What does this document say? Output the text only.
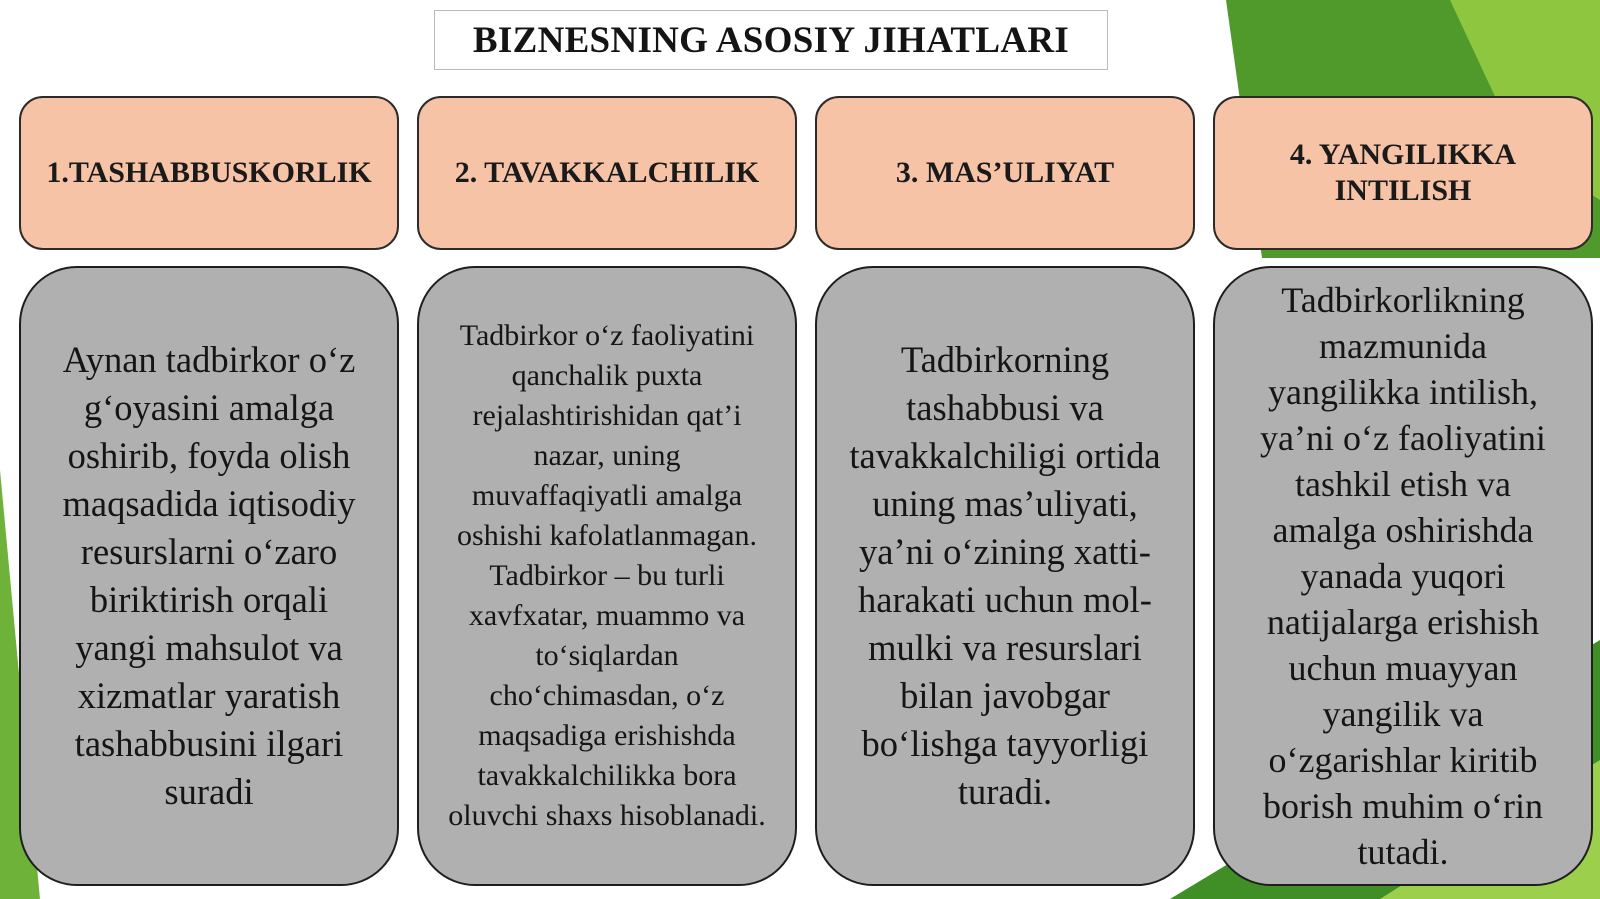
BIZNESNING ASOSIY JIHATLARI
1.TASHABBUSKORLIK	2. TAVAKKALCHILIK	3. MAS’ULIYAT
4. YANGILIKKA INTILISH
Aynan tadbirkor o‘z g‘oyasini amalga oshirib, foyda olish maqsadida iqtisodiy resurslarni o‘zaro biriktirish orqali yangi mahsulot va xizmatlar yaratish tashabbusini ilgari suradi
Tadbirkor o‘z faoliyatini qanchalik puxta rejalashtirishidan qat’i nazar, uning muvaffaqiyatli amalga oshishi kafolatlanmagan. Tadbirkor – bu turli xavfxatar, muammo va to‘siqlardan cho‘chimasdan, o‘z maqsadiga erishishda tavakkalchilikka bora oluvchi shaxs hisoblanadi.
Tadbirkorning tashabbusi va tavakkalchiligi ortida uning mas’uliyati, ya’ni o‘zining xatti-harakati uchun mol-mulki va resurslari bilan javobgar bo‘lishga tayyorligi turadi.
Tadbirkorlikning mazmunida yangilikka intilish, ya’ni o‘z faoliyatini tashkil etish va amalga oshirishda yanada yuqori natijalarga erishish uchun muayyan yangilik va o‘zgarishlar kiritib borish muhim o‘rin tutadi.
